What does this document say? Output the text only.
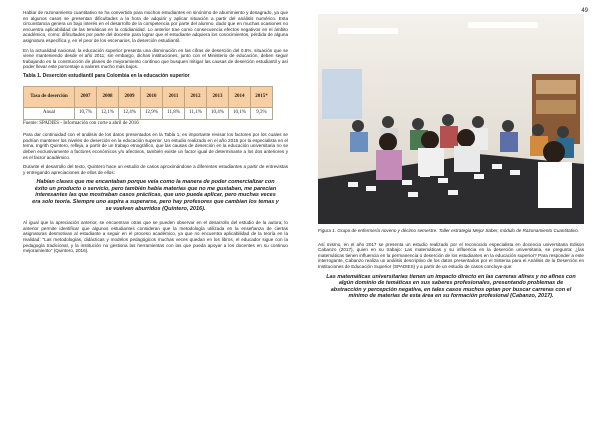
49

Hablar de razonamiento cuantitativo se ha convertido para muchos estudiantes en sinónimo de aburrimiento y desagrado, ya que en algunos casos se presentan dificultades a la hora de adquirir y aplicar situación a partir del análisis numérico. Esta circunstancia genera un bajo interés en el desarrollo de la competencia por parte del alumno, dado que en muchas ocasiones no encuentra aplicabilidad de las temáticas en la cotidianidad. Lo anterior trae como consecuencia efectos negativos en el ámbito académico, como: dificultades por parte del docente para lograr que el estudiante adquiera los conocimientos, pérdida de alguna asignatura específica y, en el peor de los escenarios, la deserción estudiantil.

En la actualidad nacional, la educación superior presenta una disminución en las cifras de deserción del 0.8%, situación que se viene manteniendo desde el año 2011; sin embargo, dichas instituciones, junto con el Ministerio de educación, deben seguir trabajando en la construcción de planes de mejoramiento continuo que busquen mitigar las causas de deserción estudiantil y así poder llevar este porcentaje a valores mucho más bajos.

Tabla 1. Deserción estudiantil para Colombia en la educación superior
Tasa de deserción	2007	2008	2009	2010	2011	2012	2013	2014	2015*
Anual	10,7%	12,1%	12,4%	12,9%	11,8%	11,1%	10,4%	10,1%	9,3%
Fuente: SPADIES - Información con corte a abril de 2016

Para dar continuidad con el análisis de los datos presentados en la Tabla 1, es importante revisar los factores por los cuales se podrían mantener los niveles de deserción en la educación superior. Un estudio realizado en el año 2016 por la especialista en el tema, Ingrith Quintero, refleja, a partir de un trabajo etnográfico, que las causas de deserción en la educación universitaria no se deben exclusivamente a factores económicos y/o afectivos, también existe un factor igual de determinante a los dos anteriores y es el factor académico.

Durante el desarrollo del texto, Quintero hace un estudio de casos aproximándose a diferentes estudiantes a partir de entrevistas y entregando apreciaciones de ellos de ellos:

Habían clases que me encantaban porque veía como la manera de poder comercializar con éxito un producto o servicio, pero también había materias que no me gustaban, me parecían interesantes las que mostraban casos prácticas, que uno pueda aplicar, pero muchas veces era solo teoría. Siempre uno aspira a superarse, pero hay profesores que cambian los temas y se vuelven aburridos (Quintero, 2016).

Al igual que la apreciación anterior, se encuentran otras que se pueden observar en el desarrollo del estudio de la autora; lo anterior permite identificar que algunos estudiantes consideran que la metodología utilizada en la enseñanza de ciertas asignaturas desmotivan al estudiante a seguir en el proceso académico, ya que no encuentra aplicabilidad de la teoría en la realidad: "Las metodologías, didácticas y modelos pedagógicos muchas veces quedan en los libros, el educador sigue con la pedagogía tradicional, y la institución no gestiona las herramientas con las que pueda apoyar a los docentes en su continuo mejoramiento" (Quintero, 2016).

Figura 1. Grupo de enfermería noveno y décimo semestre. Taller estrategia Mejor Saber, módulo de Razonamiento Cuantitativo.

Así mismo, en el año 2017 se presenta un estudio realizado por el reconocido especialista en docencia universitaria Edison Cabanzo (2017), quien en su trabajo: Las matemáticas y su influencia en la deserción universitaria, se pregunta: ¿las matemáticas tienen influencia en la permanencia o deserción de los estudiantes en la educación superior? Para responder a este interrogante, Cabanzo realiza un análisis descriptivo de los datos presentados por el Sistema para el Análisis de la Deserción en Instituciones de Educación Superior (SPADIES) y a partir de un estudio de casos concluye que:

Las matemáticas universitarias tienen un impacto directo en las carreras afines y no afines con algún dominio de temáticas en sus saberes profesionales, presentando problemas de abstracción y percepción negativa, en tales casos muchos optan por buscar carreras con el mínimo de materias de esta área en su formación profesional (Cabanzo, 2017).
